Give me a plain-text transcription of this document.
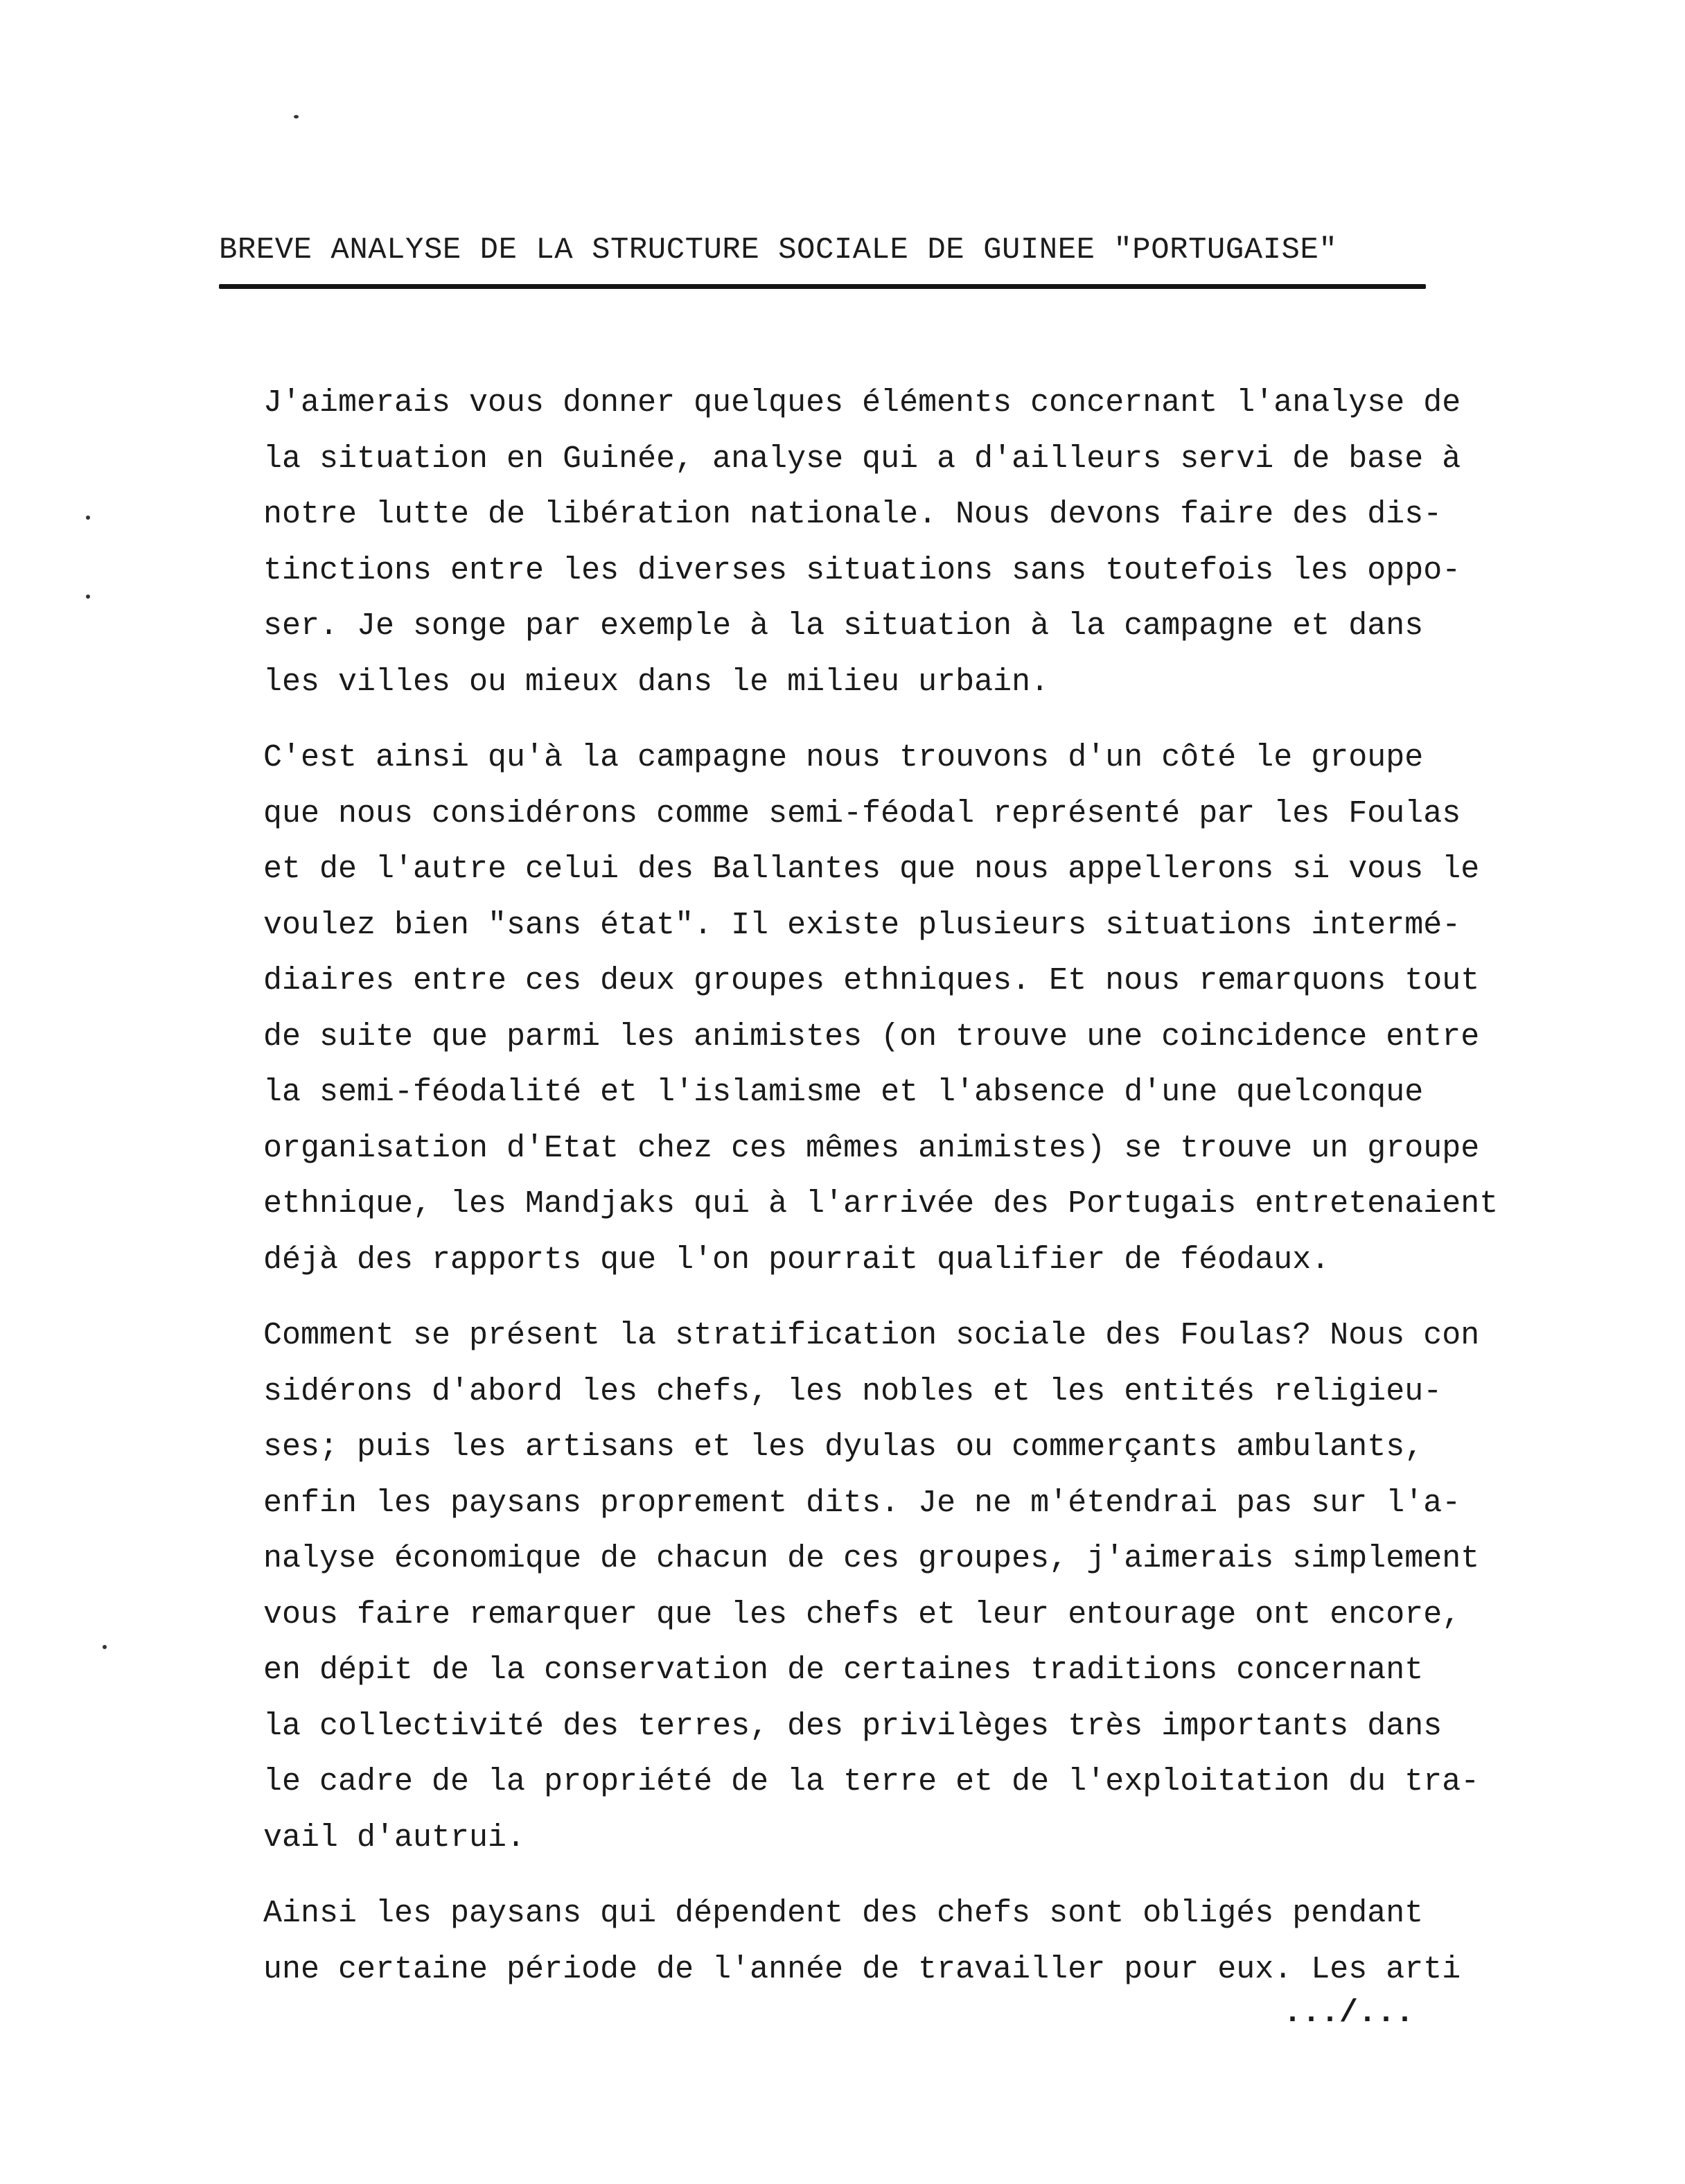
BREVE ANALYSE DE LA STRUCTURE SOCIALE DE GUINEE "PORTUGAISE"
J'aimerais vous donner quelques éléments concernant l'analyse de
la situation en Guinée, analyse qui a d'ailleurs servi de base à
notre lutte de libération nationale. Nous devons faire des dis-
tinctions entre les diverses situations sans toutefois les oppo-
ser. Je songe par exemple à la situation à la campagne et dans
les villes ou mieux dans le milieu urbain.
C'est ainsi qu'à la campagne nous trouvons d'un côté le groupe
que nous considérons comme semi-féodal représenté par les Foulas
et de l'autre celui des Ballantes que nous appellerons si vous le
voulez bien "sans état". Il existe plusieurs situations intermé-
diaires entre ces deux groupes ethniques. Et nous remarquons tout
de suite que parmi les animistes (on trouve une coincidence entre
la semi-féodalité et l'islamisme et l'absence d'une quelconque
organisation d'Etat chez ces mêmes animistes) se trouve un groupe
ethnique, les Mandjaks qui à l'arrivée des Portugais entretenaient
déjà des rapports que l'on pourrait qualifier de féodaux.
Comment se présent la stratification sociale des Foulas? Nous con
sidérons d'abord les chefs, les nobles et les entités religieu-
ses; puis les artisans et les dyulas ou commerçants ambulants,
enfin les paysans proprement dits. Je ne m'étendrai pas sur l'a-
nalyse économique de chacun de ces groupes, j'aimerais simplement
vous faire remarquer que les chefs et leur entourage ont encore,
en dépit de la conservation de certaines traditions concernant
la collectivité des terres, des privilèges très importants dans
le cadre de la propriété de la terre et de l'exploitation du tra-
vail d'autrui.
Ainsi les paysans qui dépendent des chefs sont obligés pendant
une certaine période de l'année de travailler pour eux. Les arti
.../...
